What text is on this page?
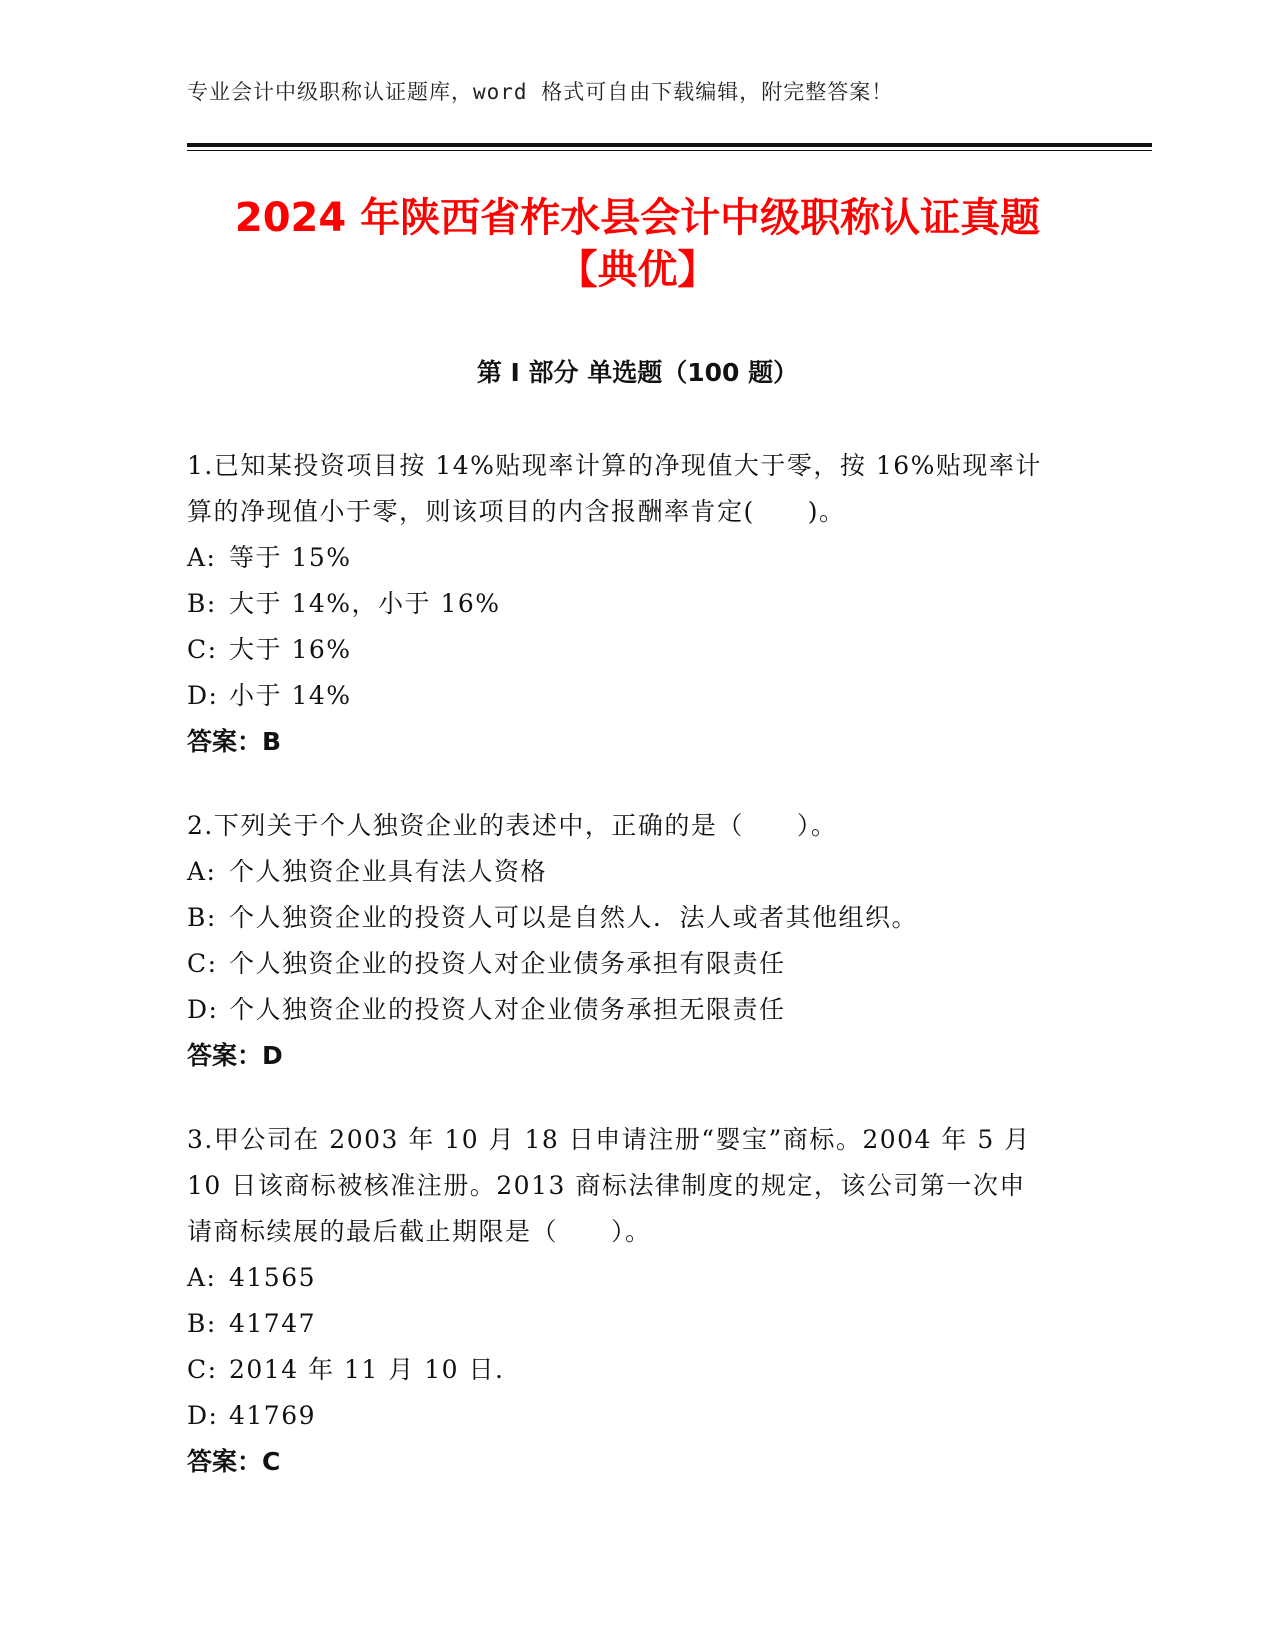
专业会计中级职称认证题库，word 格式可自由下载编辑，附完整答案！
2024 年陕西省柞水县会计中级职称认证真题
【典优】
第 I 部分 单选题（100 题）
1.已知某投资项目按 14%贴现率计算的净现值大于零，按 16%贴现率计
算的净现值小于零，则该项目的内含报酬率肯定(　　)。
A: 等于 15%
B: 大于 14%，小于 16%
C: 大于 16%
D: 小于 14%
答案：B
2.下列关于个人独资企业的表述中，正确的是（　　）。
A: 个人独资企业具有法人资格
B: 个人独资企业的投资人可以是自然人．法人或者其他组织。
C: 个人独资企业的投资人对企业债务承担有限责任
D: 个人独资企业的投资人对企业债务承担无限责任
答案：D
3.甲公司在 2003 年 10 月 18 日申请注册“婴宝”商标。2004 年 5 月
10 日该商标被核准注册。2013 商标法律制度的规定，该公司第一次申
请商标续展的最后截止期限是（　　）。
A: 41565
B: 41747
C: 2014 年 11 月 10 日.
D: 41769
答案：C
